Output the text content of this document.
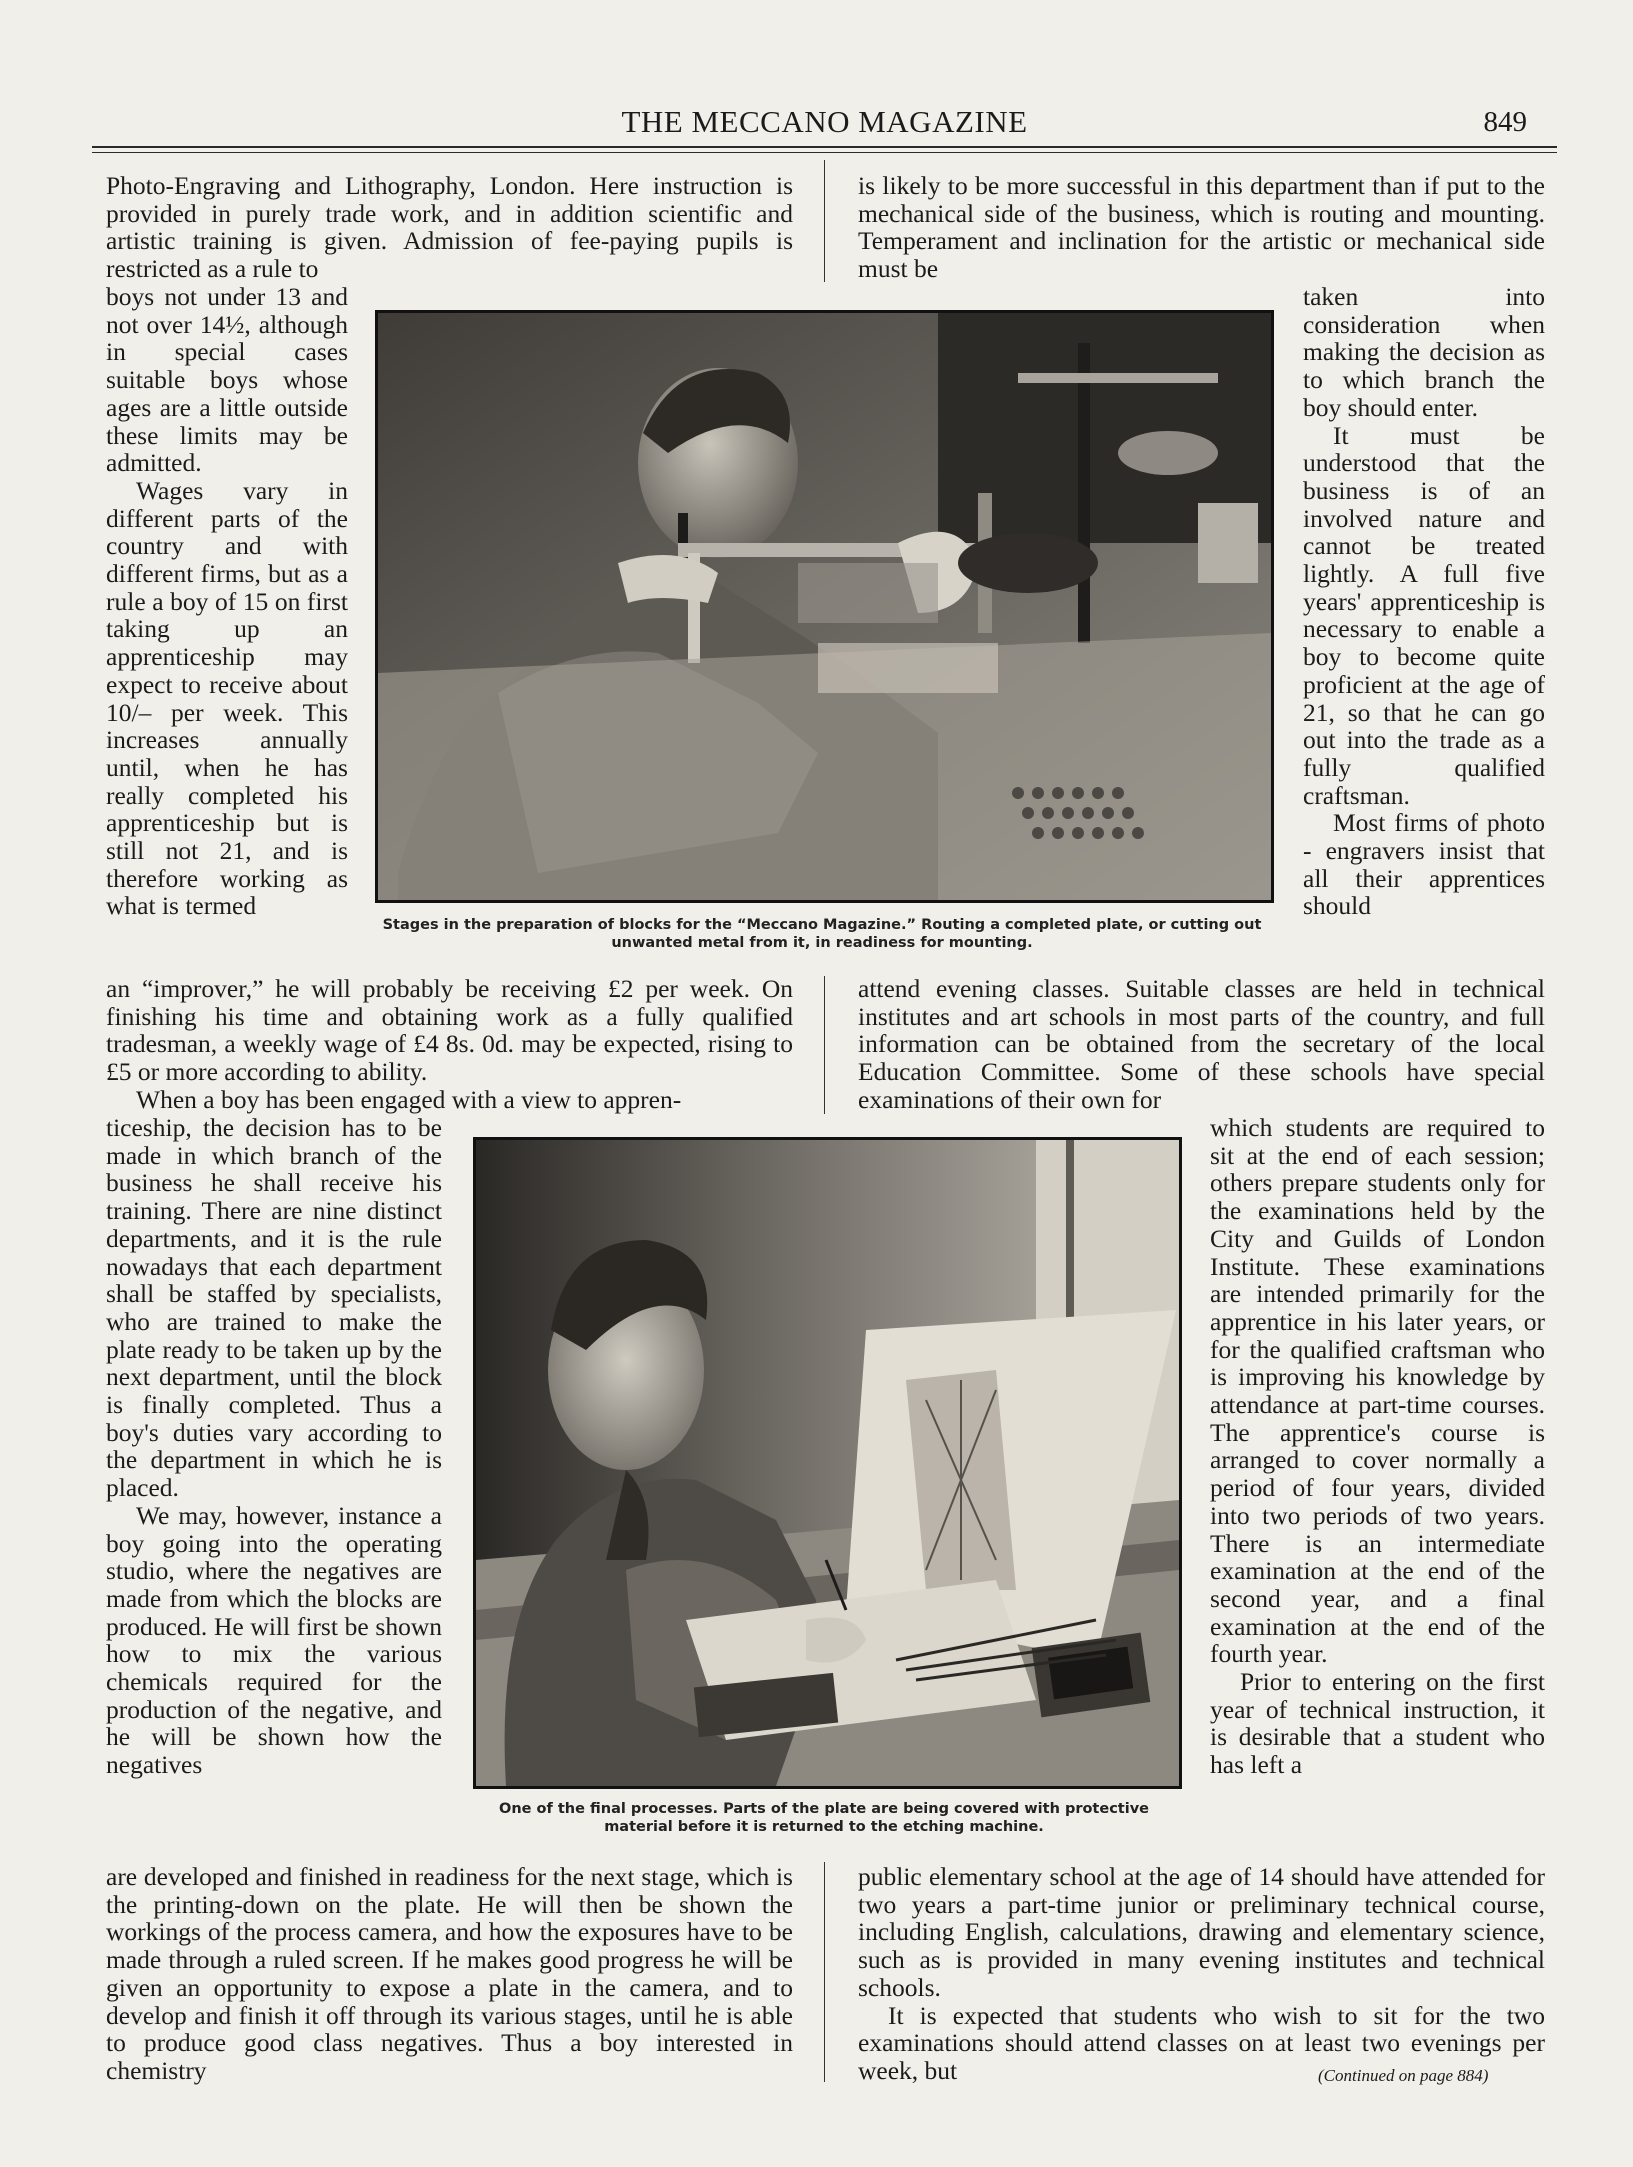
THE MECCANO MAGAZINE	849

Photo-Engraving and Lithography, London. Here instruction is provided in purely trade work, and in addition scientific and artistic training is given. Admission of fee-paying pupils is restricted as a rule to

boys not under 13 and not over 14½, although in special cases suitable boys whose ages are a little outside these limits may be admitted.

Wages vary in different parts of the country and with different firms, but as a rule a boy of 15 on first taking up an apprenticeship may expect to receive about 10/– per week. This increases annually until, when he has really completed his apprenticeship but is still not 21, and is therefore working as what is termed

an “improver,” he will probably be receiving £2 per week. On finishing his time and obtaining work as a fully qualified tradesman, a weekly wage of £4 8s. 0d. may be expected, rising to £5 or more according to ability.

When a boy has been engaged with a view to appren-

ticeship, the decision has to be made in which branch of the business he shall receive his training. There are nine distinct departments, and it is the rule nowadays that each department shall be staffed by specialists, who are trained to make the plate ready to be taken up by the next department, until the block is finally completed. Thus a boy's duties vary according to the department in which he is placed.

We may, however, instance a boy going into the operating studio, where the negatives are made from which the blocks are produced. He will first be shown how to mix the various chemicals required for the production of the negative, and he will be shown how the negatives

are developed and finished in readiness for the next stage, which is the printing-down on the plate. He will then be shown the workings of the process camera, and how the exposures have to be made through a ruled screen. If he makes good progress he will be given an opportunity to expose a plate in the camera, and to develop and finish it off through its various stages, until he is able to produce good class negatives. Thus a boy interested in chemistry

is likely to be more successful in this department than if put to the mechanical side of the business, which is routing and mounting. Temperament and inclination for the artistic or mechanical side must be

taken into consideration when making the decision as to which branch the boy should enter.

It must be understood that the business is of an involved nature and cannot be treated lightly. A full five years' apprenticeship is necessary to enable a boy to become quite proficient at the age of 21, so that he can go out into the trade as a fully qualified craftsman.

Most firms of photo - engravers insist that all their apprentices should

attend evening classes. Suitable classes are held in technical institutes and art schools in most parts of the country, and full information can be obtained from the secretary of the local Education Committee. Some of these schools have special examinations of their own for

which students are required to sit at the end of each session; others prepare students only for the examinations held by the City and Guilds of London Institute. These examinations are intended primarily for the apprentice in his later years, or for the qualified craftsman who is improving his knowledge by attendance at part-time courses. The apprentice's course is arranged to cover normally a period of four years, divided into two periods of two years. There is an intermediate examination at the end of the second year, and a final examination at the end of the fourth year.

Prior to entering on the first year of technical instruction, it is desirable that a student who has left a

public elementary school at the age of 14 should have attended for two years a part-time junior or preliminary technical course, including English, calculations, drawing and elementary science, such as is provided in many evening institutes and technical schools.

It is expected that students who wish to sit for the two examinations should attend classes on at least two evenings per week, but	(Continued on page 884)
Stages in the preparation of blocks for the “Meccano Magazine.” Routing a completed plate, or cutting out unwanted metal from it, in readiness for mounting.
One of the final processes. Parts of the plate are being covered with protective material before it is returned to the etching machine.
